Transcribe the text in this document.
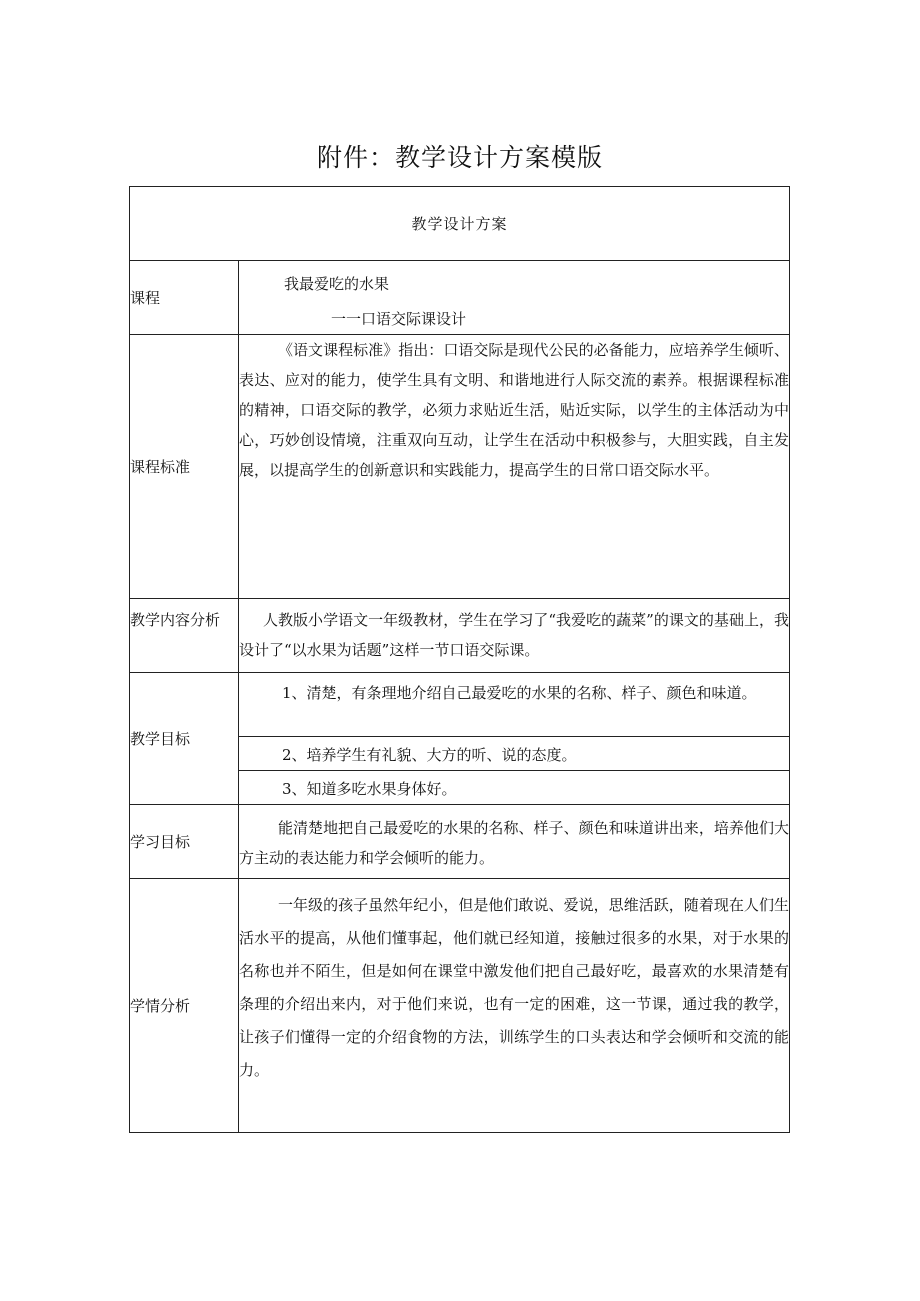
附件：教学设计方案模版
教学设计方案	
课程	我最爱吃的水果
一一口语交际课设计

课程标准	《语文课程标准》指出：口语交际是现代公民的必备能力，应培养学生倾听、表达、应对的能力，使学生具有文明、和谐地进行人际交流的素养。根据课程标准的精神，口语交际的教学，必须力求贴近生活，贴近实际，以学生的主体活动为中心，巧妙创设情境，注重双向互动，让学生在活动中积极参与，大胆实践，自主发展，以提高学生的创新意识和实践能力，提高学生的日常口语交际水平。
教学内容分析	人教版小学语文一年级教材，学生在学习了“我爱吃的蔬菜”的课文的基础上，我设计了“以水果为话题”这样一节口语交际课。
教学目标	1、清楚，有条理地介绍自己最爱吃的水果的名称、样子、颜色和味道。
2、培养学生有礼貌、大方的听、说的态度。
3、知道多吃水果身体好。

学习目标	能清楚地把自己最爱吃的水果的名称、样子、颜色和味道讲出来，培养他们大方主动的表达能力和学会倾听的能力。
学情分析	一年级的孩子虽然年纪小，但是他们敢说、爱说，思维活跃，随着现在人们生活水平的提高，从他们懂事起，他们就已经知道，接触过很多的水果，对于水果的名称也并不陌生，但是如何在课堂中激发他们把自己最好吃，最喜欢的水果清楚有条理的介绍出来内，对于他们来说，也有一定的困难，这一节课，通过我的教学，让孩子们懂得一定的介绍食物的方法，训练学生的口头表达和学会倾听和交流的能力。
